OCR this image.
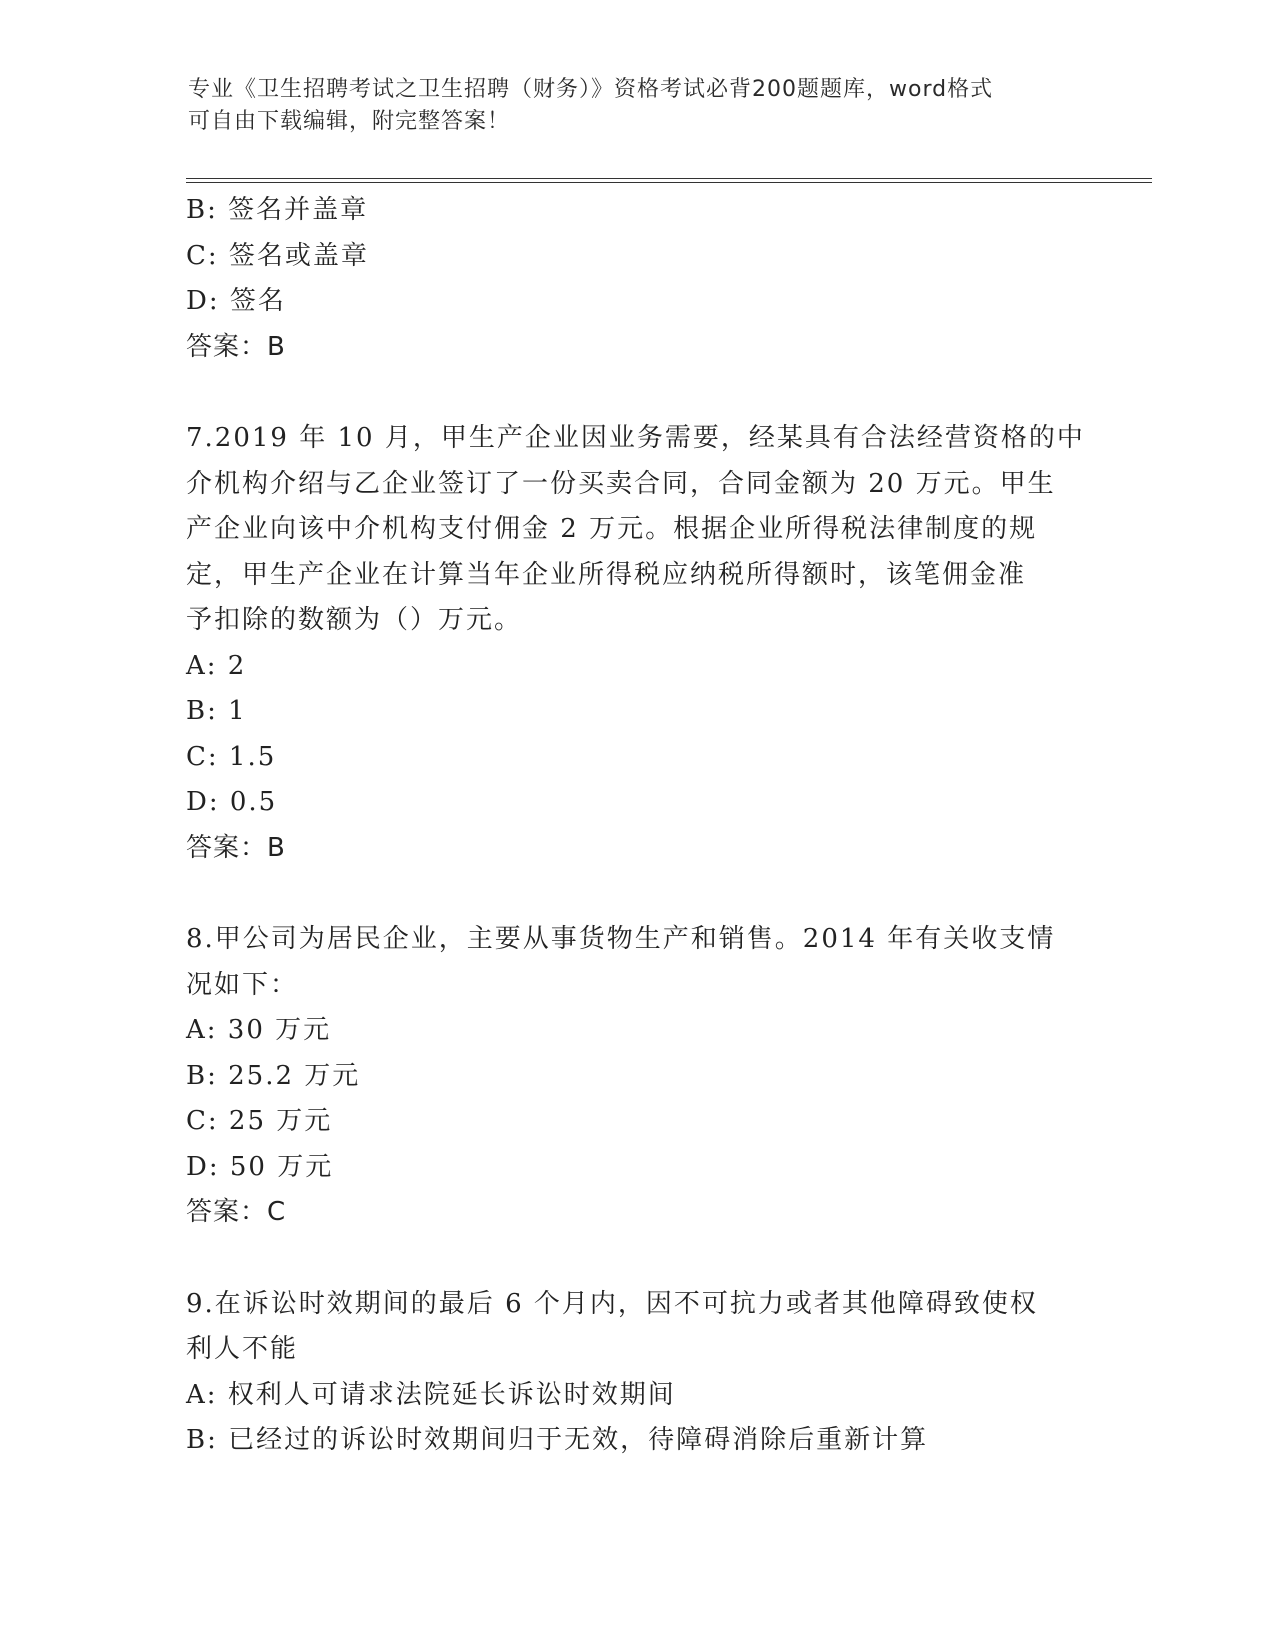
专业《卫生招聘考试之卫生招聘（财务）》资格考试必背200题题库，word格式
可自由下载编辑，附完整答案！
B: 签名并盖章
C: 签名或盖章
D: 签名
答案：B
7.2019 年 10 月，甲生产企业因业务需要，经某具有合法经营资格的中
介机构介绍与乙企业签订了一份买卖合同，合同金额为 20 万元。甲生
产企业向该中介机构支付佣金 2 万元。根据企业所得税法律制度的规
定，甲生产企业在计算当年企业所得税应纳税所得额时，该笔佣金准
予扣除的数额为（）万元。
A: 2
B: 1
C: 1.5
D: 0.5
答案：B
8.甲公司为居民企业，主要从事货物生产和销售。2014 年有关收支情
况如下：
A: 30 万元
B: 25.2 万元
C: 25 万元
D: 50 万元
答案：C
9.在诉讼时效期间的最后 6 个月内，因不可抗力或者其他障碍致使权
利人不能
A: 权利人可请求法院延长诉讼时效期间
B: 已经过的诉讼时效期间归于无效，待障碍消除后重新计算
